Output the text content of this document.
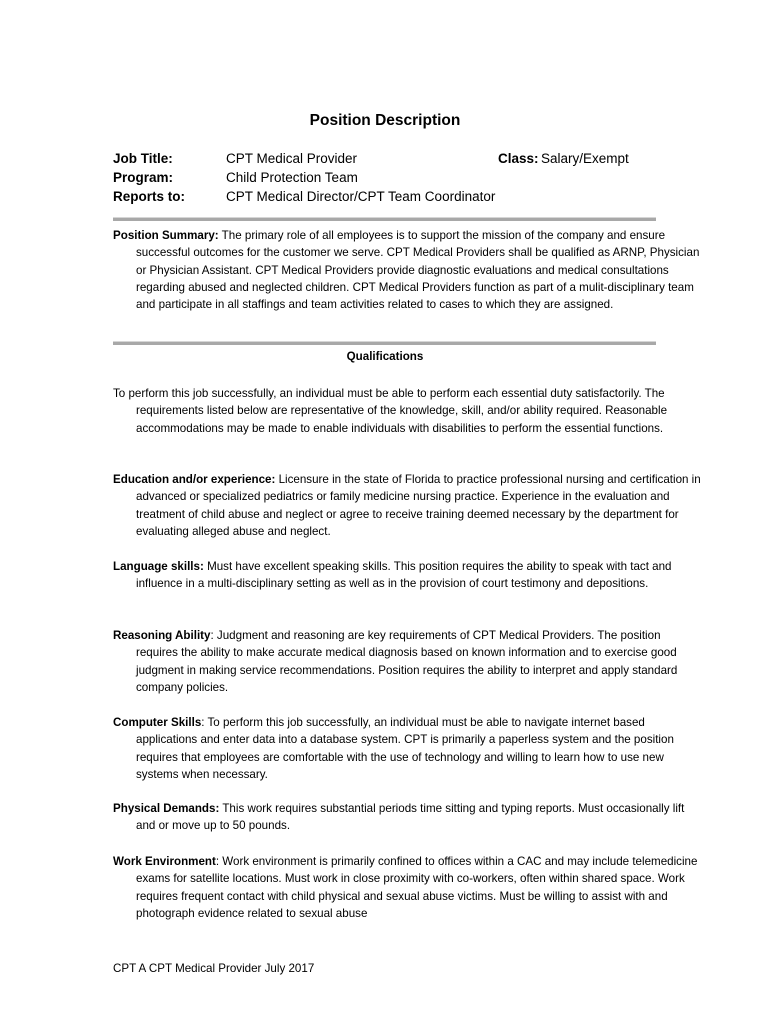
Position Description
Job Title:	CPT Medical Provider	Class: Salary/Exempt
Program:	Child Protection Team
Reports to:	CPT Medical Director/CPT Team Coordinator
Position Summary: The primary role of all employees is to support the mission of the company and ensure successful outcomes for the customer we serve. CPT Medical Providers shall be qualified as ARNP, Physician or Physician Assistant. CPT Medical Providers provide diagnostic evaluations and medical consultations regarding abused and neglected children. CPT Medical Providers function as part of a mulit-disciplinary team and participate in all staffings and team activities related to cases to which they are assigned.
Qualifications
To perform this job successfully, an individual must be able to perform each essential duty satisfactorily. The requirements listed below are representative of the knowledge, skill, and/or ability required. Reasonable accommodations may be made to enable individuals with disabilities to perform the essential functions.
Education and/or experience: Licensure in the state of Florida to practice professional nursing and certification in advanced or specialized pediatrics or family medicine nursing practice. Experience in the evaluation and treatment of child abuse and neglect or agree to receive training deemed necessary by the department for evaluating alleged abuse and neglect.
Language skills: Must have excellent speaking skills. This position requires the ability to speak with tact and influence in a multi-disciplinary setting as well as in the provision of court testimony and depositions.
Reasoning Ability: Judgment and reasoning are key requirements of CPT Medical Providers. The position requires the ability to make accurate medical diagnosis based on known information and to exercise good judgment in making service recommendations. Position requires the ability to interpret and apply standard company policies.
Computer Skills: To perform this job successfully, an individual must be able to navigate internet based applications and enter data into a database system. CPT is primarily a paperless system and the position requires that employees are comfortable with the use of technology and willing to learn how to use new systems when necessary.
Physical Demands: This work requires substantial periods time sitting and typing reports. Must occasionally lift and or move up to 50 pounds.
Work Environment: Work environment is primarily confined to offices within a CAC and may include telemedicine exams for satellite locations. Must work in close proximity with co-workers, often within shared space. Work requires frequent contact with child physical and sexual abuse victims. Must be willing to assist with and photograph evidence related to sexual abuse
CPT A CPT Medical Provider July 2017
